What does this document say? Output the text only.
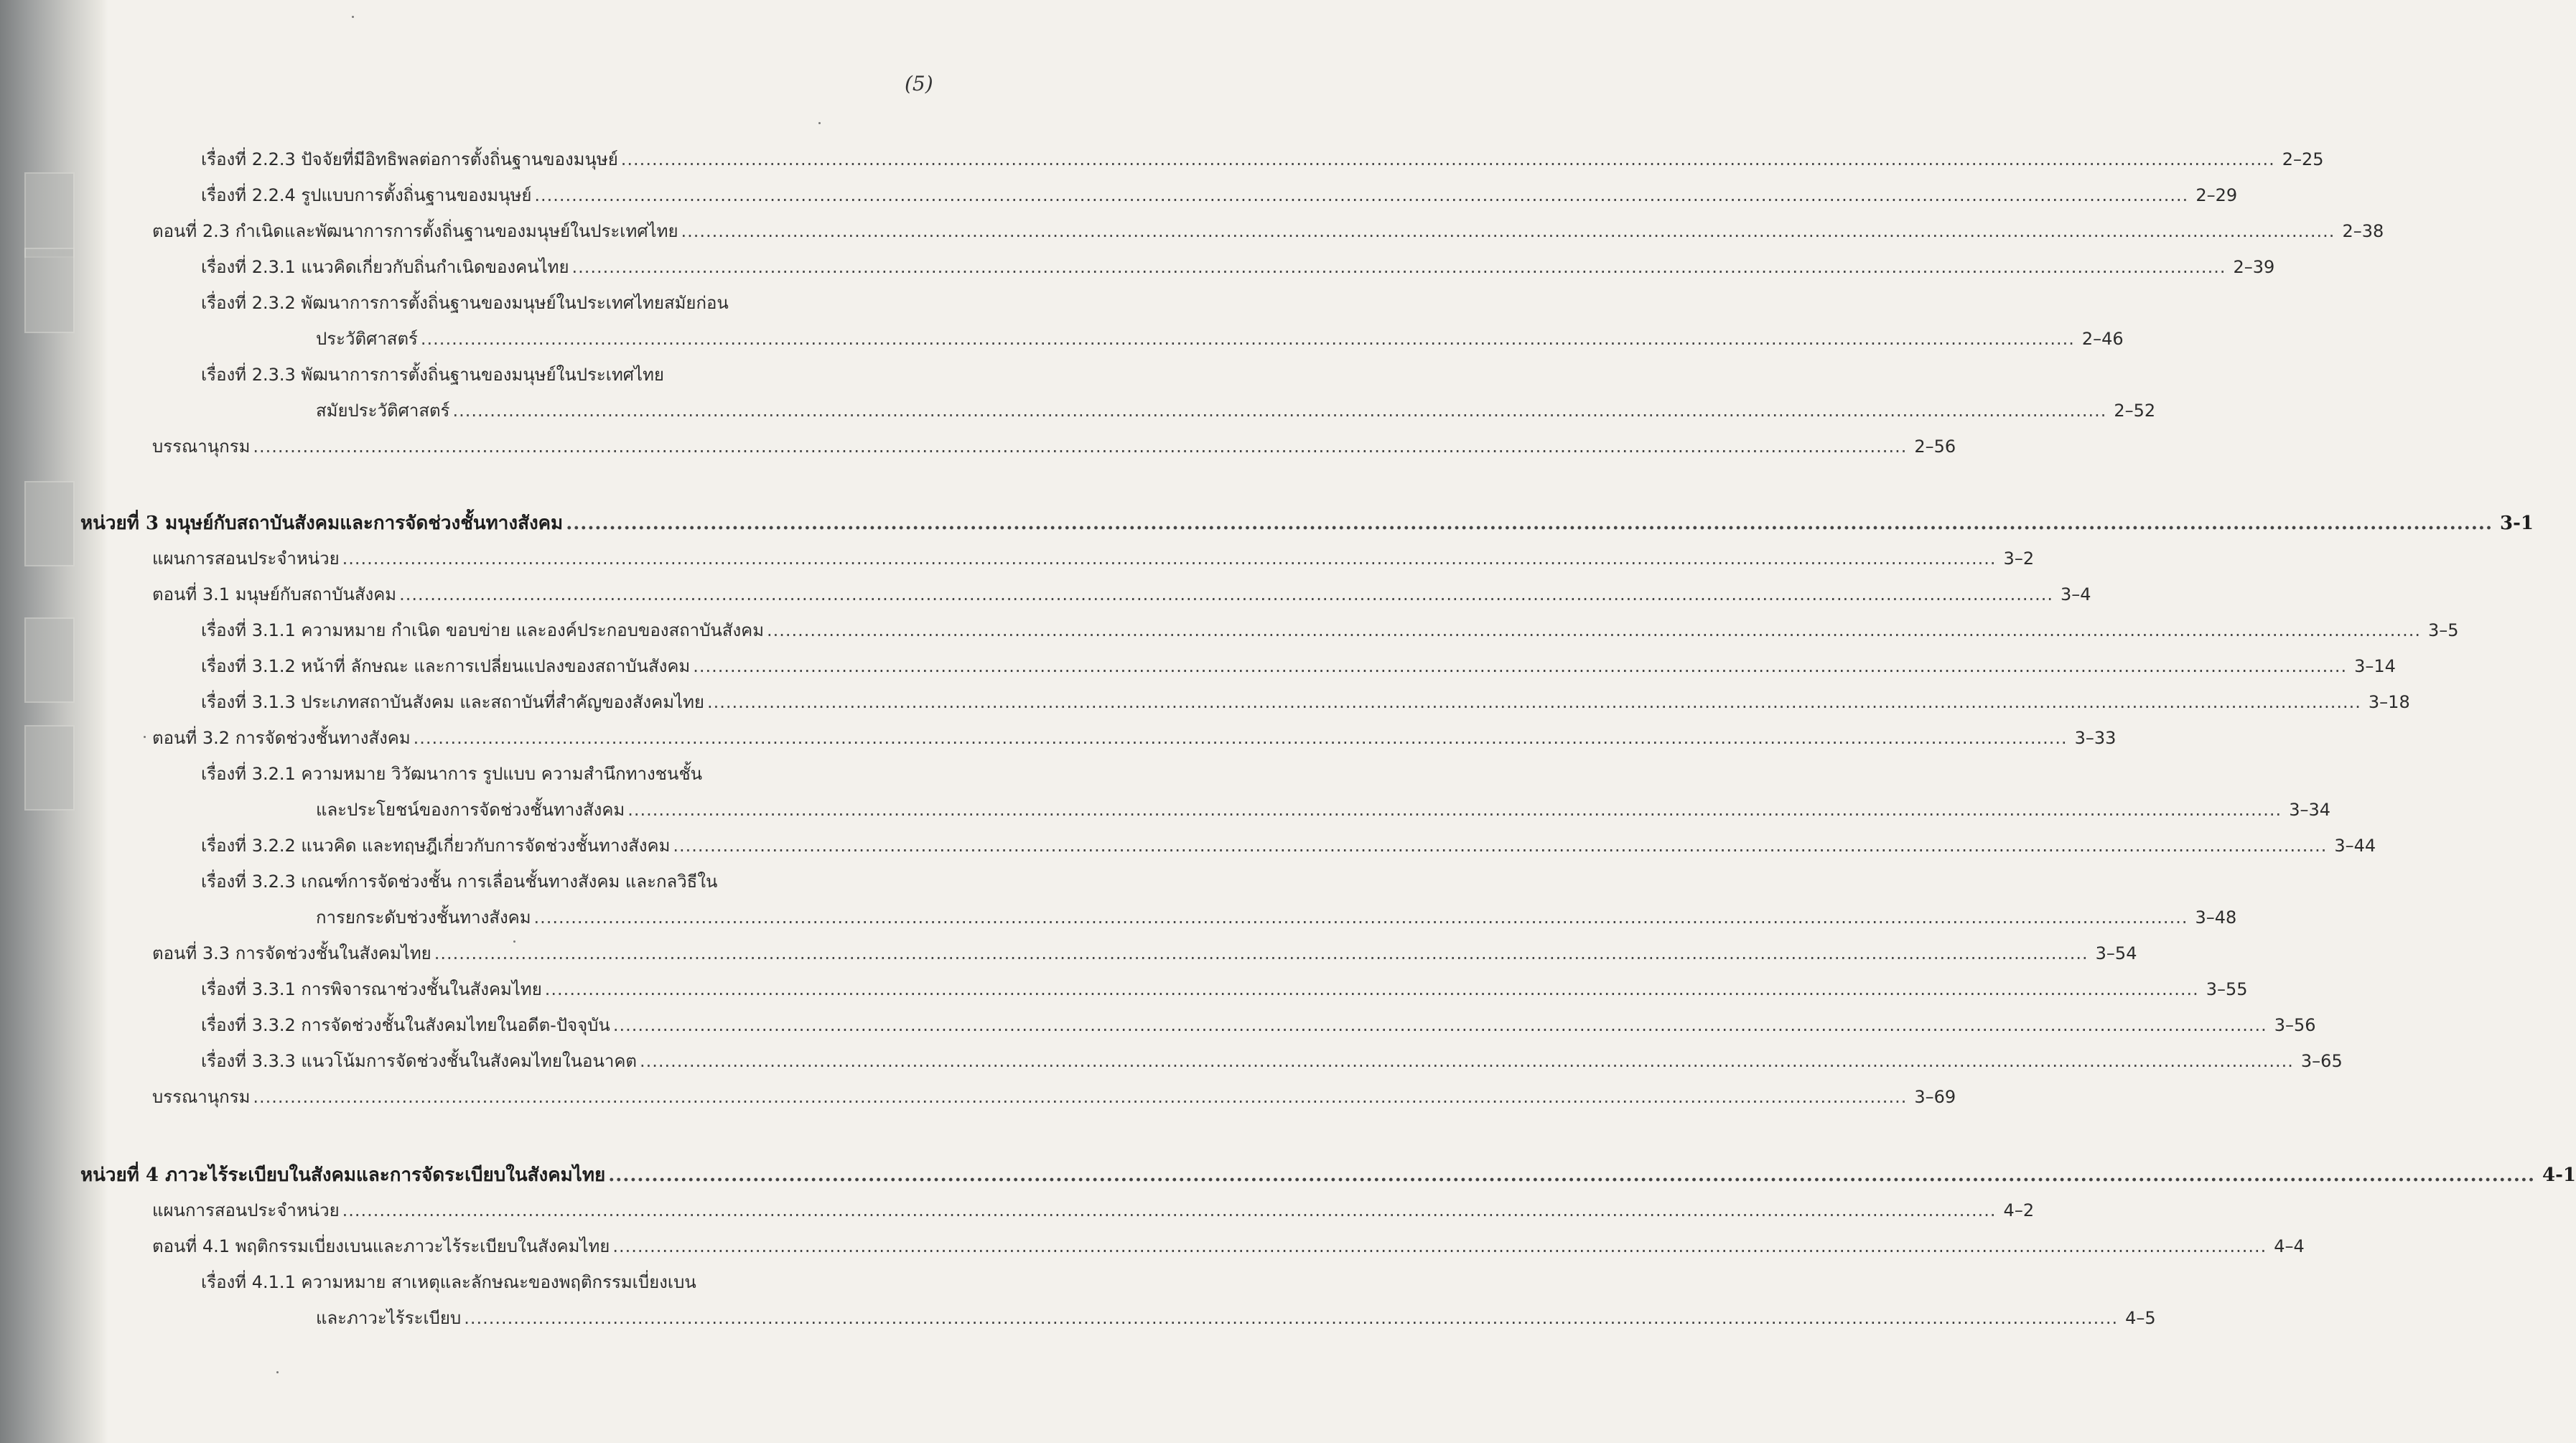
(5)
เรื่องที่ 2.2.3 ปัจจัยที่มีอิทธิพลต่อการตั้งถิ่นฐานของมนุษย์ ........................................................................................................................................................................................................................................................................... 2–25
เรื่องที่ 2.2.4 รูปแบบการตั้งถิ่นฐานของมนุษย์ ........................................................................................................................................................................................................................................................................... 2–29
ตอนที่ 2.3 กำเนิดและพัฒนาการการตั้งถิ่นฐานของมนุษย์ในประเทศไทย ........................................................................................................................................................................................................................................................................... 2–38
เรื่องที่ 2.3.1 แนวคิดเกี่ยวกับถิ่นกำเนิดของคนไทย ........................................................................................................................................................................................................................................................................... 2–39
เรื่องที่ 2.3.2 พัฒนาการการตั้งถิ่นฐานของมนุษย์ในประเทศไทยสมัยก่อน
ประวัติศาสตร์ ........................................................................................................................................................................................................................................................................... 2–46
เรื่องที่ 2.3.3 พัฒนาการการตั้งถิ่นฐานของมนุษย์ในประเทศไทย
สมัยประวัติศาสตร์ ........................................................................................................................................................................................................................................................................... 2–52
บรรณานุกรม ........................................................................................................................................................................................................................................................................... 2–56
หน่วยที่ 3 มนุษย์กับสถาบันสังคมและการจัดช่วงชั้นทางสังคม ........................................................................................................................................................................................................................................................................... 3-1
แผนการสอนประจำหน่วย ........................................................................................................................................................................................................................................................................... 3–2
ตอนที่ 3.1 มนุษย์กับสถาบันสังคม ........................................................................................................................................................................................................................................................................... 3–4
เรื่องที่ 3.1.1 ความหมาย กำเนิด ขอบข่าย และองค์ประกอบของสถาบันสังคม ........................................................................................................................................................................................................................................................................... 3–5
เรื่องที่ 3.1.2 หน้าที่ ลักษณะ และการเปลี่ยนแปลงของสถาบันสังคม ........................................................................................................................................................................................................................................................................... 3–14
เรื่องที่ 3.1.3 ประเภทสถาบันสังคม และสถาบันที่สำคัญของสังคมไทย ........................................................................................................................................................................................................................................................................... 3–18
ตอนที่ 3.2 การจัดช่วงชั้นทางสังคม ........................................................................................................................................................................................................................................................................... 3–33
เรื่องที่ 3.2.1 ความหมาย วิวัฒนาการ รูปแบบ ความสำนึกทางชนชั้น
และประโยชน์ของการจัดช่วงชั้นทางสังคม ........................................................................................................................................................................................................................................................................... 3–34
เรื่องที่ 3.2.2 แนวคิด และทฤษฎีเกี่ยวกับการจัดช่วงชั้นทางสังคม ........................................................................................................................................................................................................................................................................... 3–44
เรื่องที่ 3.2.3 เกณฑ์การจัดช่วงชั้น การเลื่อนชั้นทางสังคม และกลวิธีใน
การยกระดับช่วงชั้นทางสังคม ........................................................................................................................................................................................................................................................................... 3–48
ตอนที่ 3.3 การจัดช่วงชั้นในสังคมไทย ........................................................................................................................................................................................................................................................................... 3–54
เรื่องที่ 3.3.1 การพิจารณาช่วงชั้นในสังคมไทย ........................................................................................................................................................................................................................................................................... 3–55
เรื่องที่ 3.3.2 การจัดช่วงชั้นในสังคมไทยในอดีต-ปัจจุบัน ........................................................................................................................................................................................................................................................................... 3–56
เรื่องที่ 3.3.3 แนวโน้มการจัดช่วงชั้นในสังคมไทยในอนาคต ........................................................................................................................................................................................................................................................................... 3–65
บรรณานุกรม ........................................................................................................................................................................................................................................................................... 3–69
หน่วยที่ 4 ภาวะไร้ระเบียบในสังคมและการจัดระเบียบในสังคมไทย ........................................................................................................................................................................................................................................................................... 4-1
แผนการสอนประจำหน่วย ........................................................................................................................................................................................................................................................................... 4–2
ตอนที่ 4.1 พฤติกรรมเบี่ยงเบนและภาวะไร้ระเบียบในสังคมไทย ........................................................................................................................................................................................................................................................................... 4–4
เรื่องที่ 4.1.1 ความหมาย สาเหตุและลักษณะของพฤติกรรมเบี่ยงเบน
และภาวะไร้ระเบียบ ........................................................................................................................................................................................................................................................................... 4–5
